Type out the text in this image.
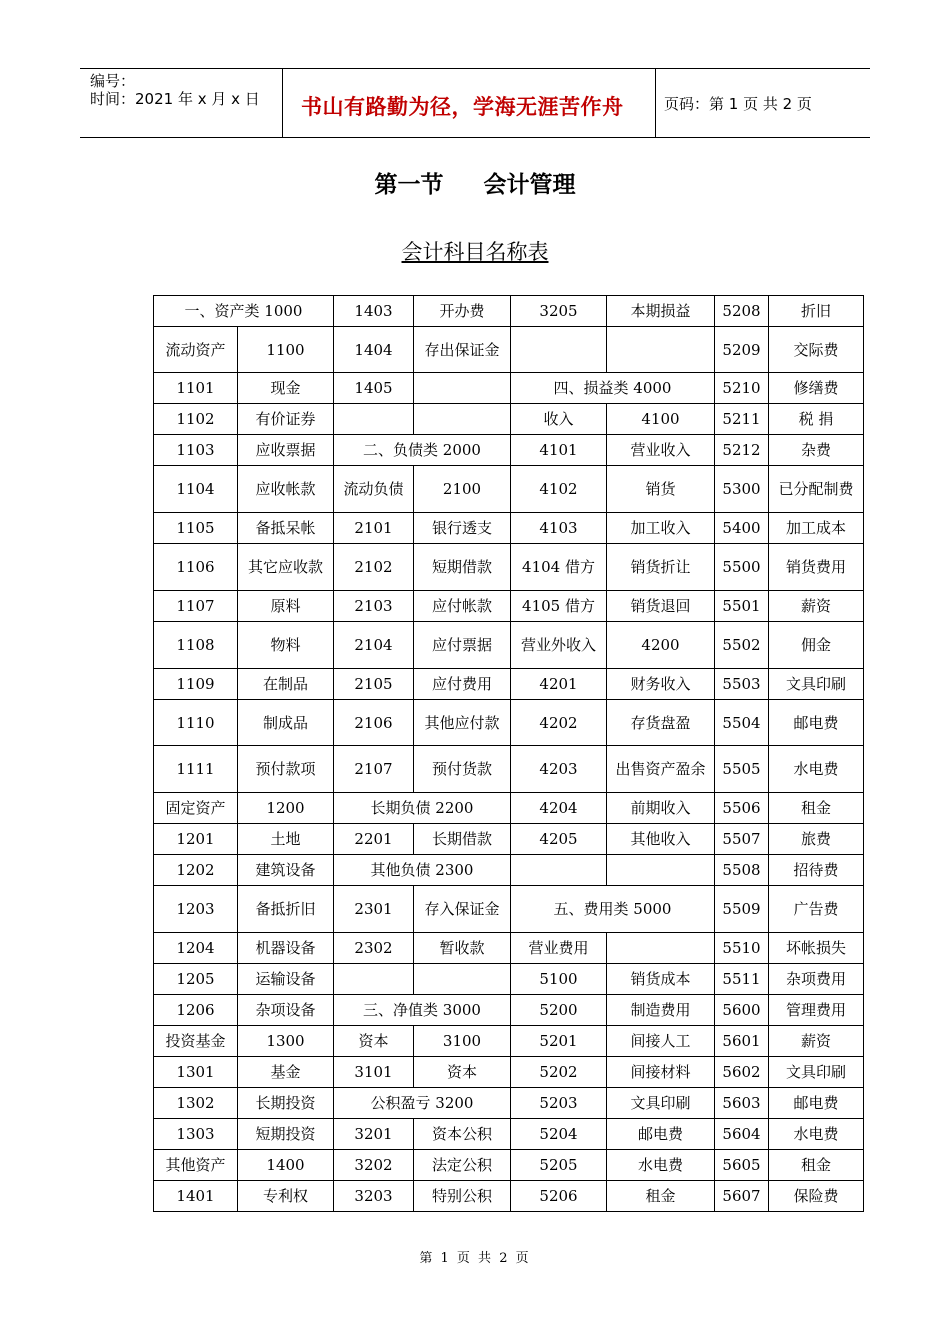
编号：
时间：2021 年 x 月 x 日 书山有路勤为径，学海无涯苦作舟	页码：第 1 页 共 2 页
第一节 会计管理
会计科目名称表
一、资产类 1000		1403	开办费	3205	本期损益	5208	折旧
流动资产	1100	1404	存出保证金			5209	交际费
1101	现金	1405		四、损益类 4000		5210	修缮费
1102	有价证券			收入	4100	5211	税 捐
1103	应收票据	二、负债类 2000		4101	营业收入	5212	杂费
1104	应收帐款	流动负债	2100	4102	销货	5300	已分配制费
1105	备抵呆帐	2101	银行透支	4103	加工收入	5400	加工成本
1106	其它应收款	2102	短期借款	4104 借方	销货折让	5500	销货费用
1107	原料	2103	应付帐款	4105 借方	销货退回	5501	薪资
1108	物料	2104	应付票据	营业外收入	4200	5502	佣金
1109	在制品	2105	应付费用	4201	财务收入	5503	文具印刷
1110	制成品	2106	其他应付款	4202	存货盘盈	5504	邮电费
1111	预付款项	2107	预付货款	4203	出售资产盈余	5505	水电费
固定资产	1200	长期负债 2200		4204	前期收入	5506	租金
1201	土地	2201	长期借款	4205	其他收入	5507	旅费
1202	建筑设备	其他负债 2300				5508	招待费
1203	备抵折旧	2301	存入保证金	五、费用类 5000		5509	广告费
1204	机器设备	2302	暂收款	营业费用		5510	坏帐损失
1205	运输设备			5100	销货成本	5511	杂项费用
1206	杂项设备	三、净值类 3000		5200	制造费用	5600	管理费用
投资基金	1300	资本	3100	5201	间接人工	5601	薪资
1301	基金	3101	资本	5202	间接材料	5602	文具印刷
1302	长期投资	公积盈亏 3200		5203	文具印刷	5603	邮电费
1303	短期投资	3201	资本公积	5204	邮电费	5604	水电费
其他资产	1400	3202	法定公积	5205	水电费	5605	租金
1401	专利权	3203	特别公积	5206	租金	5607	保险费
第 1 页 共 2 页
